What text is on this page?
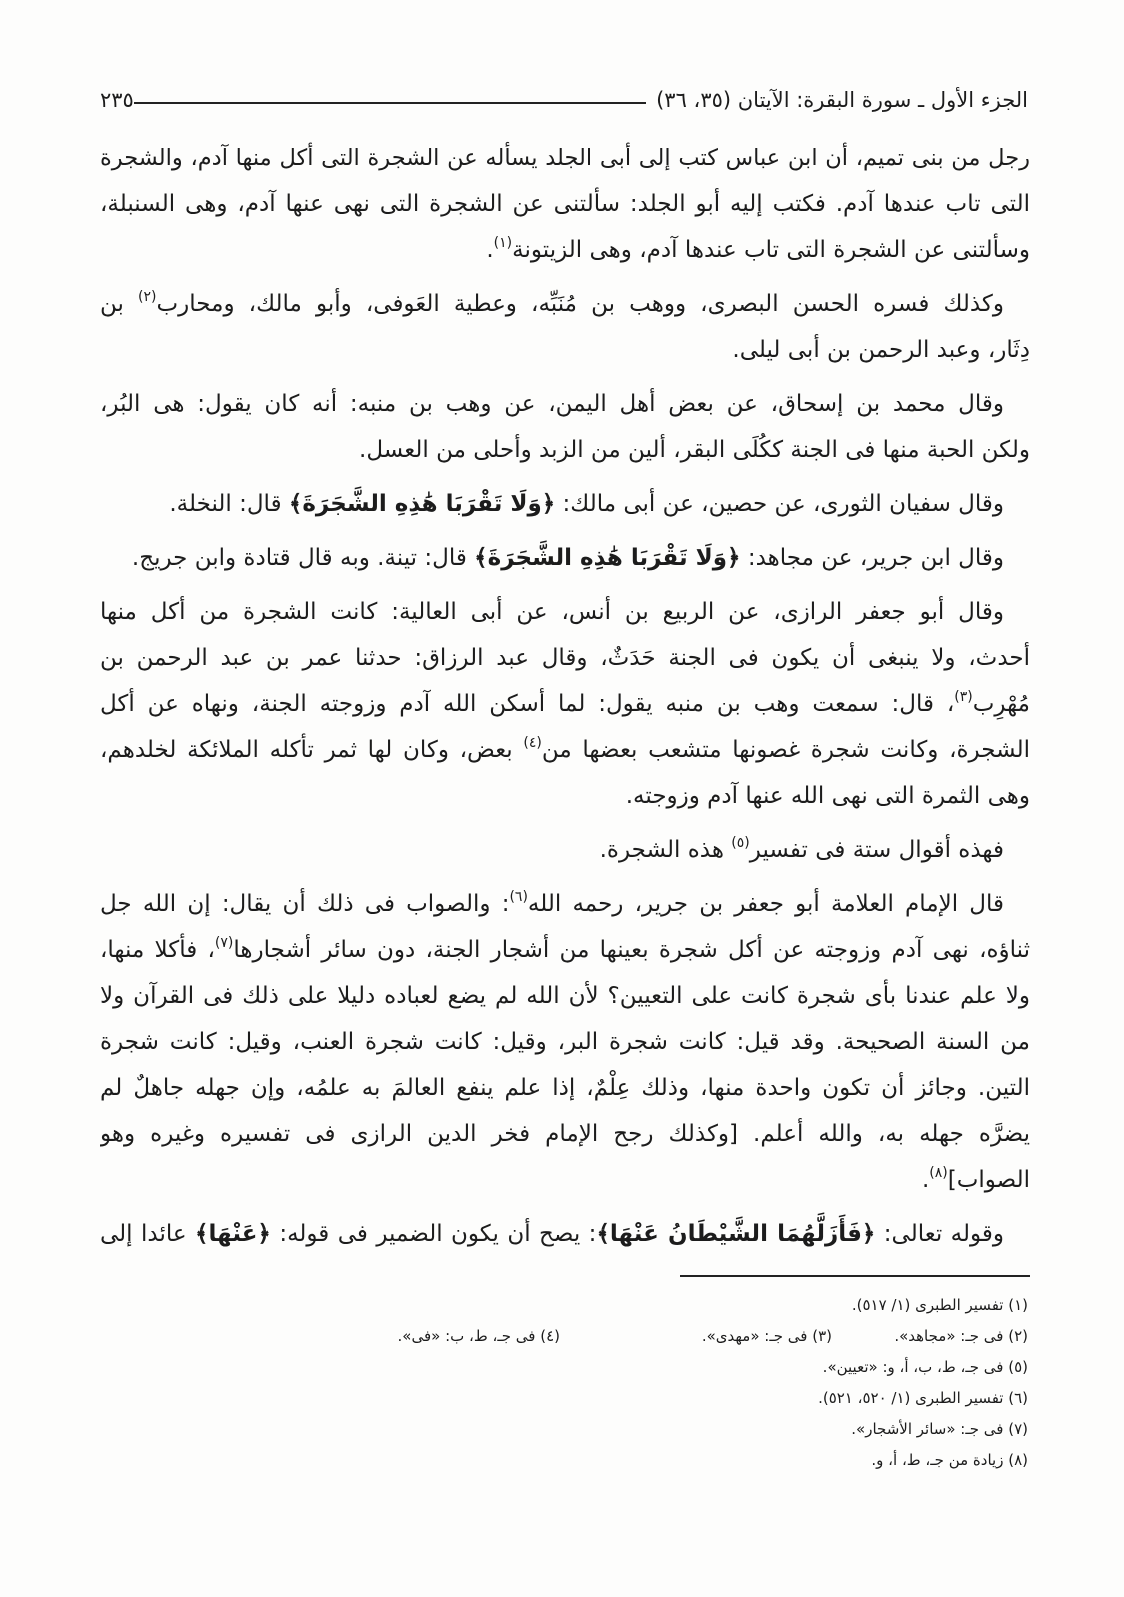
الجزء الأول ـ سورة البقرة: الآيتان (٣٥، ٣٦)
٢٣٥
رجل من بنى تميم، أن ابن عباس كتب إلى أبى الجلد يسأله عن الشجرة التى أكل منها آدم، والشجرة
التى تاب عندها آدم. فكتب إليه أبو الجلد: سألتنى عن الشجرة التى نهى عنها آدم، وهى السنبلة،
وسألتنى عن الشجرة التى تاب عندها آدم، وهى الزيتونة$^{(١)}$.
وكذلك فسره الحسن البصرى، ووهب بن مُنَبِّه، وعطية العَوفى، وأبو مالك، ومحارب$^{(٢)}$ بن
دِثَار، وعبد الرحمن بن أبى ليلى.
وقال محمد بن إسحاق، عن بعض أهل اليمن، عن وهب بن منبه: أنه كان يقول: هى البُر،
ولكن الحبة منها فى الجنة ككُلَى البقر، ألين من الزبد وأحلى من العسل.
وقال سفيان الثورى، عن حصين، عن أبى مالك: ﴿وَلَا تَقْرَبَا هَٰذِهِ الشَّجَرَةَ﴾ قال: النخلة.
وقال ابن جرير، عن مجاهد: ﴿وَلَا تَقْرَبَا هَٰذِهِ الشَّجَرَةَ﴾ قال: تينة. وبه قال قتادة وابن جريج.
وقال أبو جعفر الرازى، عن الربيع بن أنس، عن أبى العالية: كانت الشجرة من أكل منها
أحدث، ولا ينبغى أن يكون فى الجنة حَدَثٌ، وقال عبد الرزاق: حدثنا عمر بن عبد الرحمن بن
مُهْرِب$^{(٣)}$، قال: سمعت وهب بن منبه يقول: لما أسكن الله آدم وزوجته الجنة، ونهاه عن أكل
الشجرة، وكانت شجرة غصونها متشعب بعضها من$^{(٤)}$ بعض، وكان لها ثمر تأكله الملائكة لخلدهم،
وهى الثمرة التى نهى الله عنها آدم وزوجته.
فهذه أقوال ستة فى تفسير$^{(٥)}$ هذه الشجرة.
قال الإمام العلامة أبو جعفر بن جرير، رحمه الله$^{(٦)}$: والصواب فى ذلك أن يقال: إن الله جل
ثناؤه، نهى آدم وزوجته عن أكل شجرة بعينها من أشجار الجنة، دون سائر أشجارها$^{(٧)}$، فأكلا منها،
ولا علم عندنا بأى شجرة كانت على التعيين؟ لأن الله لم يضع لعباده دليلا على ذلك فى القرآن ولا
من السنة الصحيحة. وقد قيل: كانت شجرة البر، وقيل: كانت شجرة العنب، وقيل: كانت شجرة
التين. وجائز أن تكون واحدة منها، وذلك عِلْمٌ، إذا علم ينفع العالمَ به علمُه، وإن جهله جاهلٌ لم
يضرَّه جهله به، والله أعلم. [وكذلك رجح الإمام فخر الدين الرازى فى تفسيره وغيره وهو
الصواب]$^{(٨)}$.
وقوله تعالى: ﴿فَأَزَلَّهُمَا الشَّيْطَانُ عَنْهَا﴾: يصح أن يكون الضمير فى قوله: ﴿عَنْهَا﴾ عائدا إلى
(١) تفسير الطبرى (١/ ٥١٧).
(٢) فى جـ: «مجاهد».
(٣) فى جـ: «مهدى».
(٤) فى جـ، ط، ب: «فى».
(٥) فى جـ، ط، ب، أ، و: «تعيين».
(٦) تفسير الطبرى (١/ ٥٢٠، ٥٢١).
(٧) فى جـ: «سائر الأشجار».
(٨) زيادة من جـ، ط، أ، و.
